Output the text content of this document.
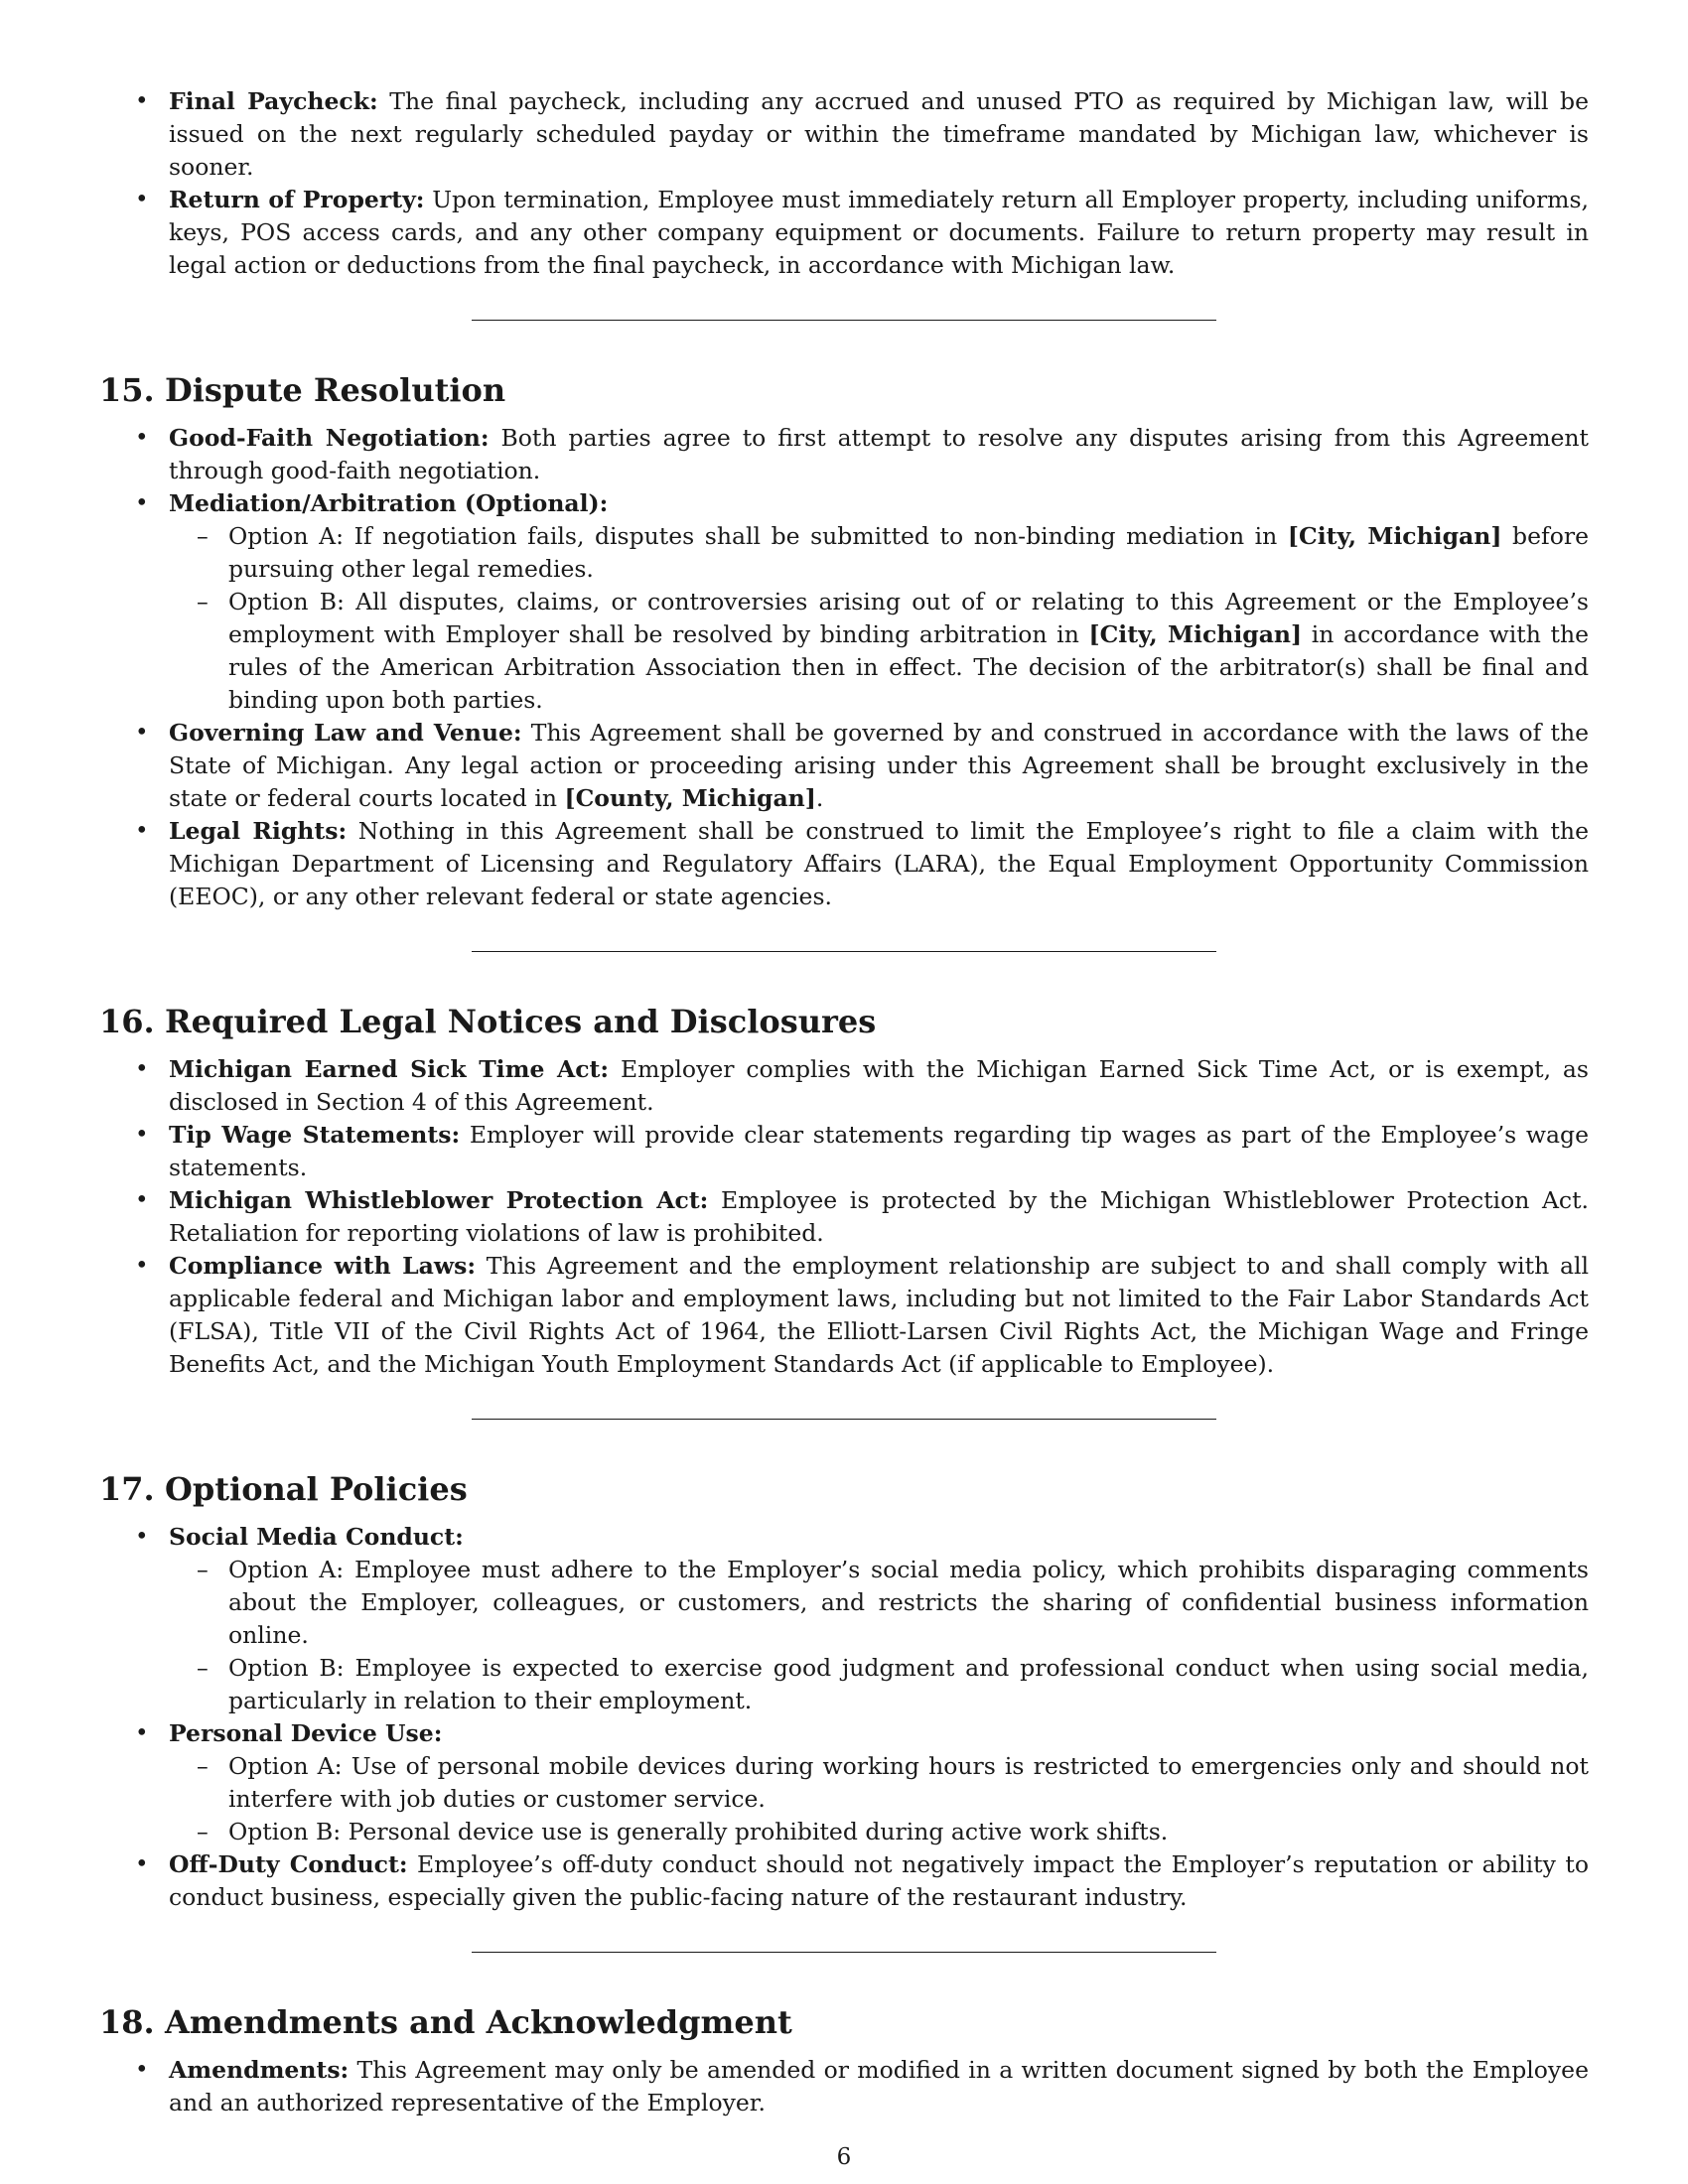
• Final Paycheck: The final paycheck, including any accrued and unused PTO as required by Michigan law, will be issued on the next regularly scheduled payday or within the timeframe mandated by Michigan law, whichever is sooner.
• Return of Property: Upon termination, Employee must immediately return all Employer property, including uniforms, keys, POS access cards, and any other company equipment or documents. Failure to return property may result in legal action or deductions from the final paycheck, in accordance with Michigan law.
15. Dispute Resolution
• Good-Faith Negotiation: Both parties agree to first attempt to resolve any disputes arising from this Agreement through good-faith negotiation.
• Mediation/Arbitration (Optional):
– Option A: If negotiation fails, disputes shall be submitted to non-binding mediation in [City, Michigan] before pursuing other legal remedies.
– Option B: All disputes, claims, or controversies arising out of or relating to this Agreement or the Employee’s employment with Employer shall be resolved by binding arbitration in [City, Michigan] in accordance with the rules of the American Arbitration Association then in effect. The decision of the arbitrator(s) shall be final and binding upon both parties.
• Governing Law and Venue: This Agreement shall be governed by and construed in accordance with the laws of the State of Michigan. Any legal action or proceeding arising under this Agreement shall be brought exclusively in the state or federal courts located in [County, Michigan].
• Legal Rights: Nothing in this Agreement shall be construed to limit the Employee’s right to file a claim with the Michigan Department of Licensing and Regulatory Affairs (LARA), the Equal Employment Opportunity Commission (EEOC), or any other relevant federal or state agencies.
16. Required Legal Notices and Disclosures
• Michigan Earned Sick Time Act: Employer complies with the Michigan Earned Sick Time Act, or is exempt, as disclosed in Section 4 of this Agreement.
• Tip Wage Statements: Employer will provide clear statements regarding tip wages as part of the Employee’s wage statements.
• Michigan Whistleblower Protection Act: Employee is protected by the Michigan Whistleblower Protection Act. Retaliation for reporting violations of law is prohibited.
• Compliance with Laws: This Agreement and the employment relationship are subject to and shall comply with all applicable federal and Michigan labor and employment laws, including but not limited to the Fair Labor Standards Act (FLSA), Title VII of the Civil Rights Act of 1964, the Elliott-Larsen Civil Rights Act, the Michigan Wage and Fringe Benefits Act, and the Michigan Youth Employment Standards Act (if applicable to Employee).
17. Optional Policies
• Social Media Conduct:
– Option A: Employee must adhere to the Employer’s social media policy, which prohibits disparaging comments about the Employer, colleagues, or customers, and restricts the sharing of confidential business information online.
– Option B: Employee is expected to exercise good judgment and professional conduct when using social media, particularly in relation to their employment.
• Personal Device Use:
– Option A: Use of personal mobile devices during working hours is restricted to emergencies only and should not interfere with job duties or customer service.
– Option B: Personal device use is generally prohibited during active work shifts.
• Off-Duty Conduct: Employee’s off-duty conduct should not negatively impact the Employer’s reputation or ability to conduct business, especially given the public-facing nature of the restaurant industry.
18. Amendments and Acknowledgment
• Amendments: This Agreement may only be amended or modified in a written document signed by both the Employee and an authorized representative of the Employer.
6
